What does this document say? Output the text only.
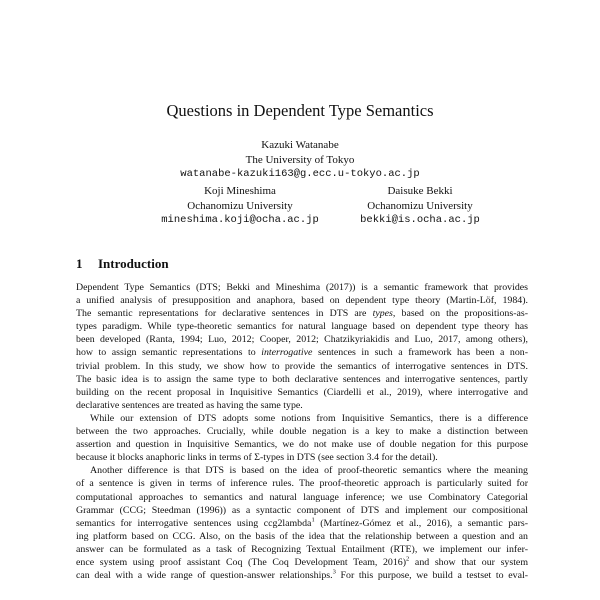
Questions in Dependent Type Semantics
Kazuki Watanabe
The University of Tokyo
watanabe-kazuki163@g.ecc.u-tokyo.ac.jp
Koji Mineshima
Ochanomizu University
mineshima.koji@ocha.ac.jp
Daisuke Bekki
Ochanomizu University
bekki@is.ocha.ac.jp
1 Introduction
Dependent Type Semantics (DTS; Bekki and Mineshima (2017)) is a semantic framework that provides
a unified analysis of presupposition and anaphora, based on dependent type theory (Martin-Löf, 1984).
The semantic representations for declarative sentences in DTS are types, based on the propositions-as-
types paradigm. While type-theoretic semantics for natural language based on dependent type theory has
been developed (Ranta, 1994; Luo, 2012; Cooper, 2012; Chatzikyriakidis and Luo, 2017, among others),
how to assign semantic representations to interrogative sentences in such a framework has been a non-
trivial problem. In this study, we show how to provide the semantics of interrogative sentences in DTS.
The basic idea is to assign the same type to both declarative sentences and interrogative sentences, partly
building on the recent proposal in Inquisitive Semantics (Ciardelli et al., 2019), where interrogative and
declarative sentences are treated as having the same type.
While our extension of DTS adopts some notions from Inquisitive Semantics, there is a difference
between the two approaches. Crucially, while double negation is a key to make a distinction between
assertion and question in Inquisitive Semantics, we do not make use of double negation for this purpose
because it blocks anaphoric links in terms of Σ-types in DTS (see section 3.4 for the detail).
Another difference is that DTS is based on the idea of proof-theoretic semantics where the meaning
of a sentence is given in terms of inference rules. The proof-theoretic approach is particularly suited for
computational approaches to semantics and natural language inference; we use Combinatory Categorial
Grammar (CCG; Steedman (1996)) as a syntactic component of DTS and implement our compositional
semantics for interrogative sentences using ccg2lambda$^1$ (Martínez-Gómez et al., 2016), a semantic pars-
ing platform based on CCG. Also, on the basis of the idea that the relationship between a question and an
answer can be formulated as a task of Recognizing Textual Entailment (RTE), we implement our infer-
ence system using proof assistant Coq (The Coq Development Team, 2016)$^2$ and show that our system
can deal with a wide range of question-answer relationships.$^3$ For this purpose, we build a testset to eval-
